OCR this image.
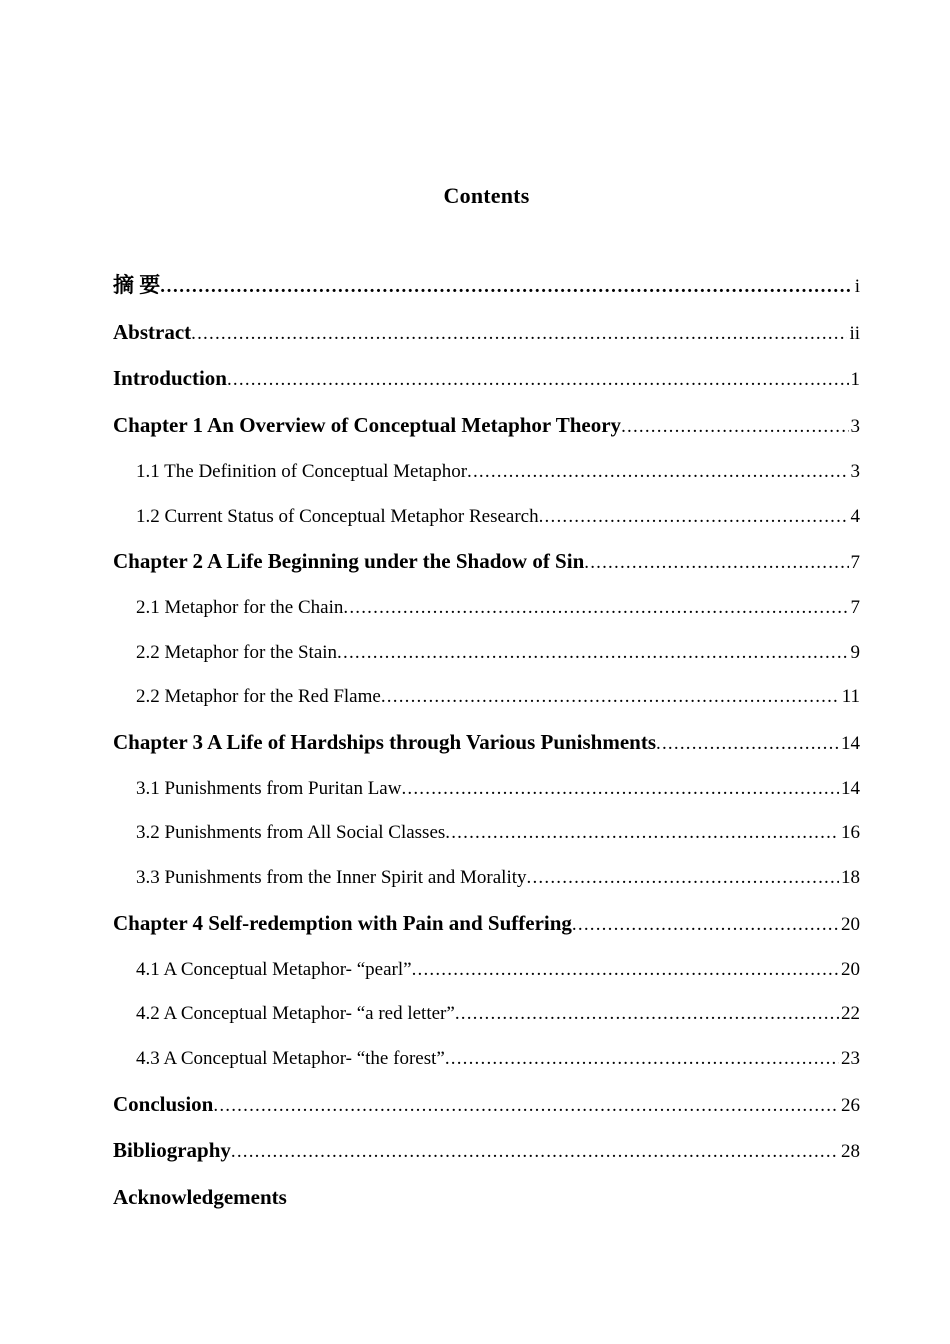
Contents
摘 要 .....	i
Abstract .....	ii
Introduction .....	1
Chapter 1 An Overview of Conceptual Metaphor Theory .....	3
1.1 The Definition of Conceptual Metaphor .....	3
1.2 Current Status of Conceptual Metaphor Research .....	4
Chapter 2 A Life Beginning under the Shadow of Sin .....	7
2.1 Metaphor for the Chain .....	7
2.2 Metaphor for the Stain .....	9
2.2 Metaphor for the Red Flame .....	11
Chapter 3 A Life of Hardships through Various Punishments .....	14
3.1 Punishments from Puritan Law .....	14
3.2 Punishments from All Social Classes .....	16
3.3 Punishments from the Inner Spirit and Morality .....	18
Chapter 4 Self-redemption with Pain and Suffering .....	20
4.1 A Conceptual Metaphor- “pearl” .....	20
4.2 A Conceptual Metaphor- “a red letter” .....	22
4.3 A Conceptual Metaphor- “the forest” .....	23
Conclusion .....	26
Bibliography .....	28
Acknowledgements
